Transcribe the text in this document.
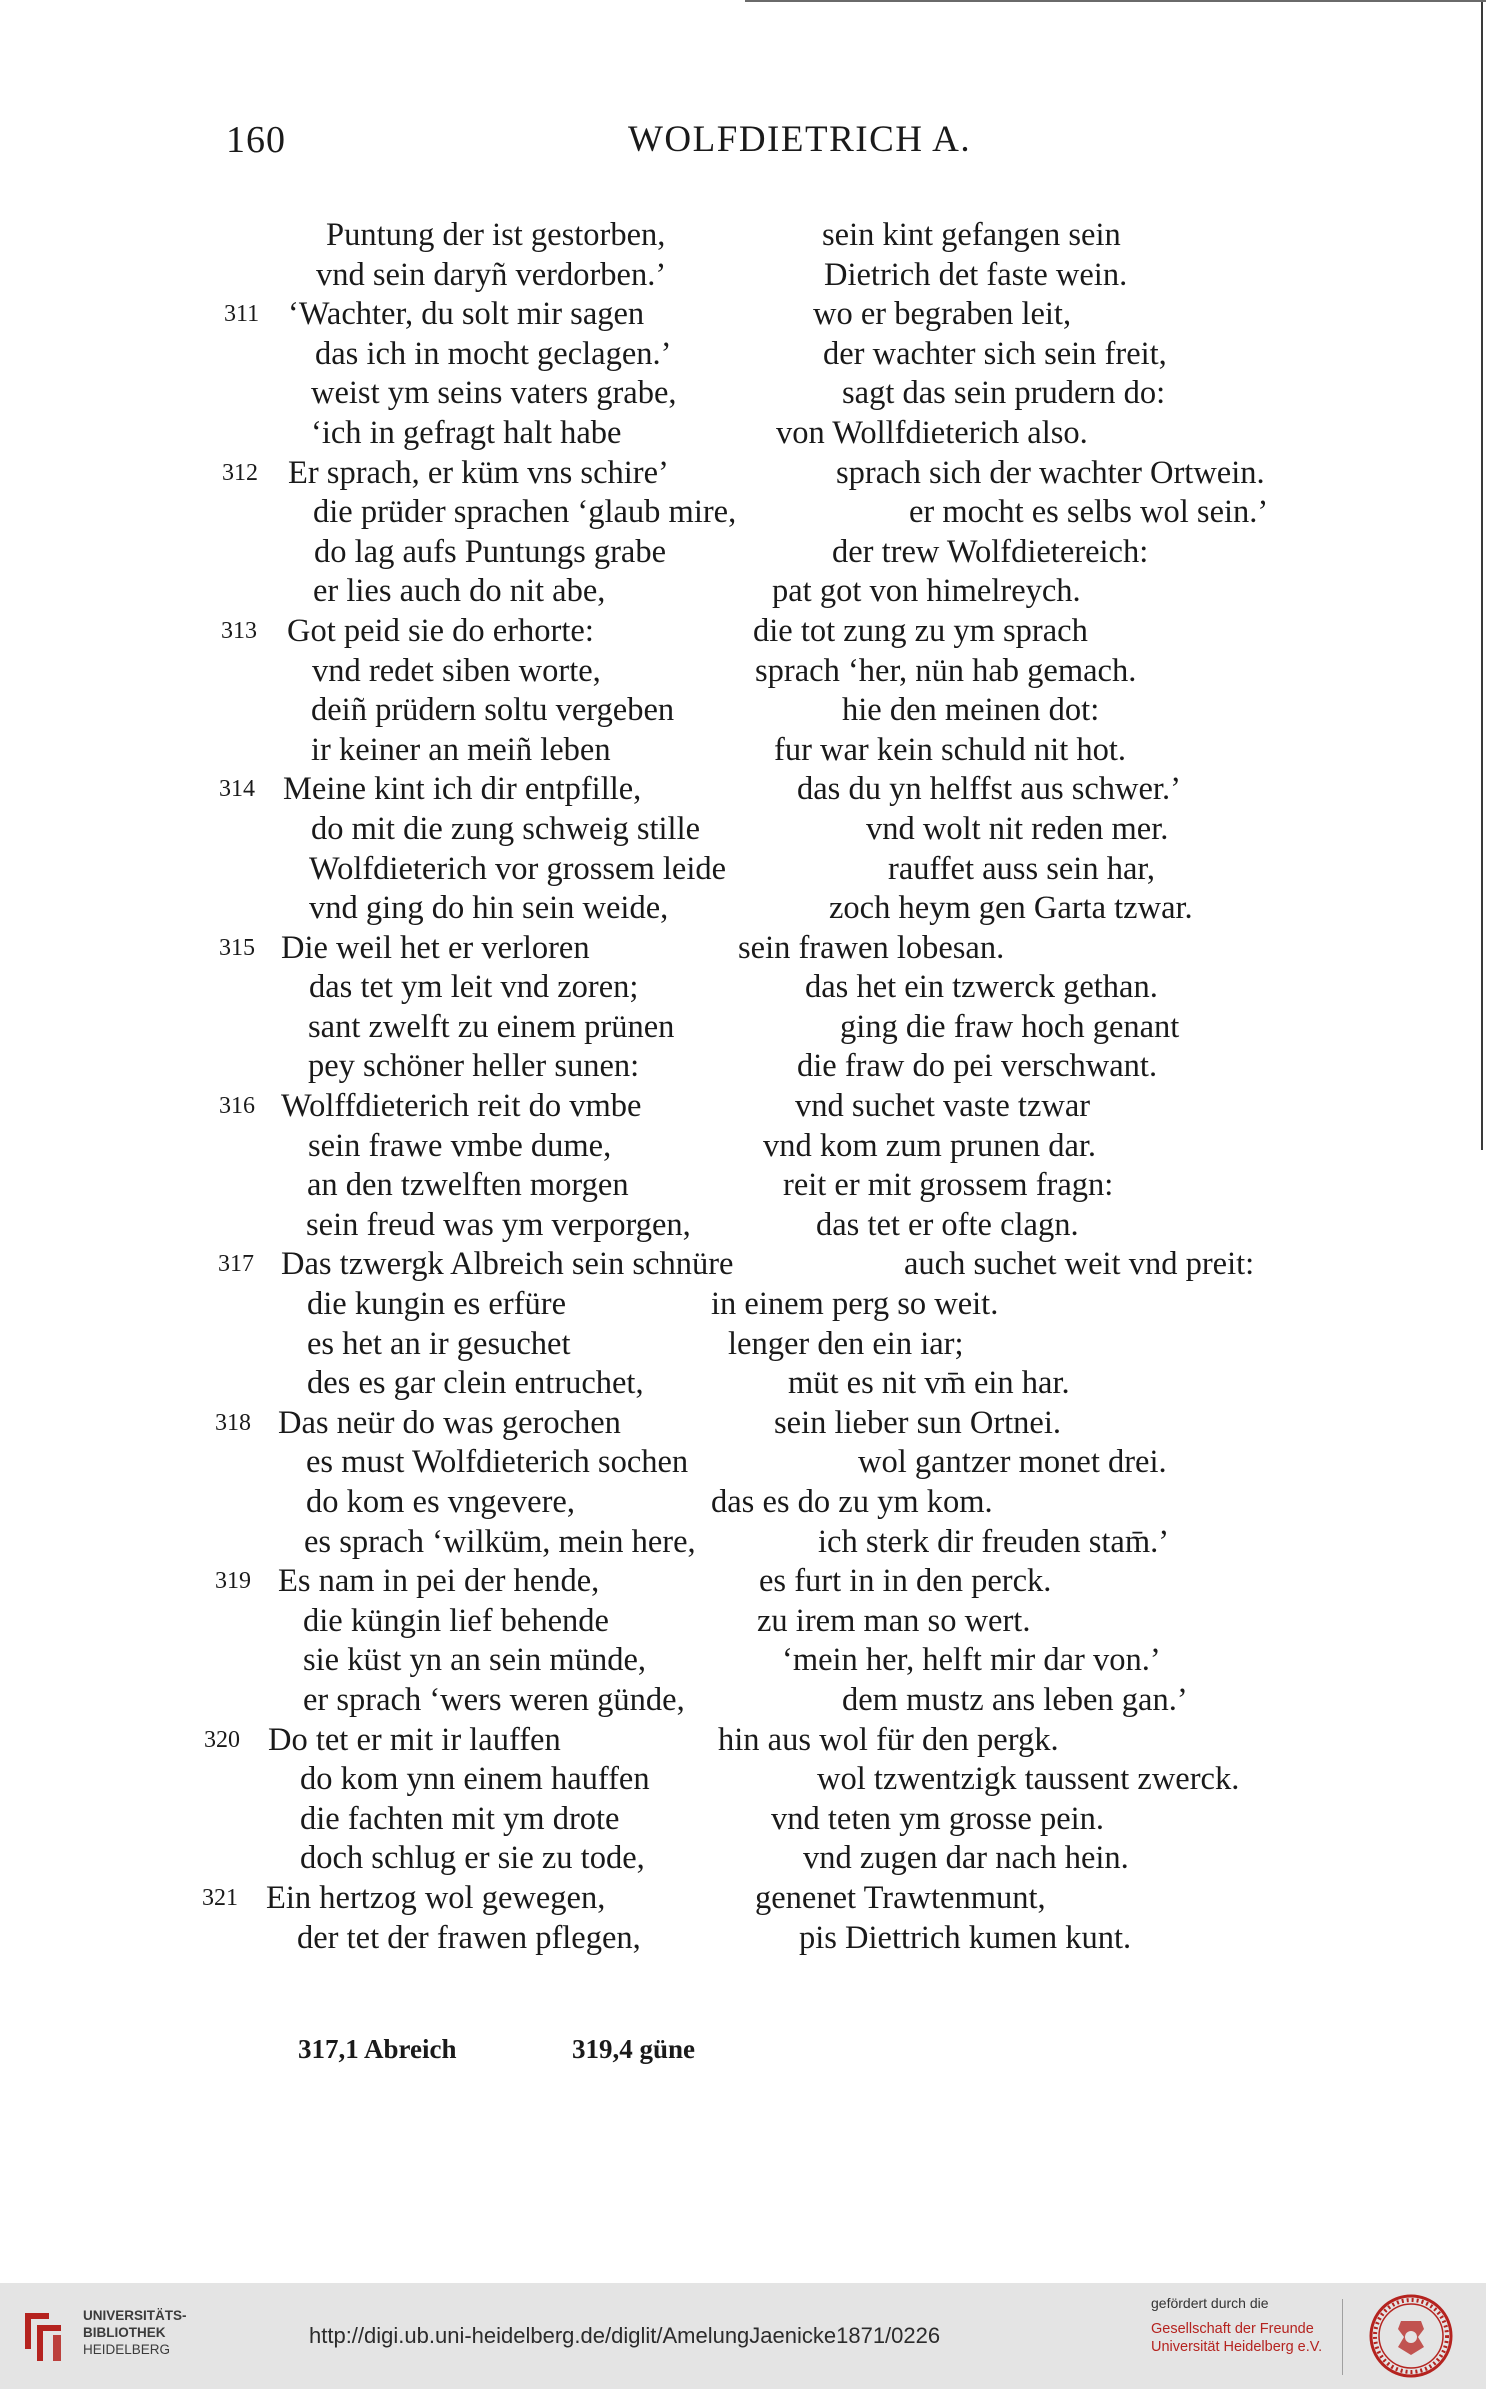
160	WOLFDIETRICH A.
Puntung der ist gestorben,	sein kint gefangen sein
vnd sein daryñ verdorben.’	Dietrich det faste wein.
311 ‘Wachter, du solt mir sagen	wo er begraben leit,
das ich in mocht geclagen.’	der wachter sich sein freit,
weist ym seins vaters grabe,	sagt das sein prudern do:
‘ich in gefragt halt habe	von Wollfdieterich also.
312 Er sprach, er küm vns schire’	sprach sich der wachter Ortwein.
die prüder sprachen ‘glaub mire,	er mocht es selbs wol sein.’
do lag aufs Puntungs grabe	der trew Wolfdietereich:
er lies auch do nit abe,	pat got von himelreych.
313 Got peid sie do erhorte:	die tot zung zu ym sprach
vnd redet siben worte,	sprach ‘her, nün hab gemach.
deiñ prüdern soltu vergeben	hie den meinen dot:
ir keiner an meiñ leben	fur war kein schuld nit hot.
314 Meine kint ich dir entpfille,	das du yn helffst aus schwer.’
do mit die zung schweig stille	vnd wolt nit reden mer.
Wolfdieterich vor grossem leide	rauffet auss sein har,
vnd ging do hin sein weide,	zoch heym gen Garta tzwar.
315 Die weil het er verloren	sein frawen lobesan.
das tet ym leit vnd zoren;	das het ein tzwerck gethan.
sant zwelft zu einem prünen	ging die fraw hoch genant
pey schöner heller sunen:	die fraw do pei verschwant.
316 Wolffdieterich reit do vmbe	vnd suchet vaste tzwar
sein frawe vmbe dume,	vnd kom zum prunen dar.
an den tzwelften morgen	reit er mit grossem fragn:
sein freud was ym verporgen,	das tet er ofte clagn.
317 Das tzwergk Albreich sein schnüre	auch suchet weit vnd preit:
die kungin es erfüre	in einem perg so weit.
es het an ir gesuchet	lenger den ein iar;
des es gar clein entruchet,	müt es nit vm̄ ein har.
318 Das neür do was gerochen	sein lieber sun Ortnei.
es must Wolfdieterich sochen	wol gantzer monet drei.
do kom es vngevere,	das es do zu ym kom.
es sprach ‘wilküm, mein here,	ich sterk dir freuden stam̄.’
319 Es nam in pei der hende,	es furt in in den perck.
die küngin lief behende	zu irem man so wert.
sie küst yn an sein münde,	‘mein her, helft mir dar von.’
er sprach ‘wers weren günde,	dem mustz ans leben gan.’
320 Do tet er mit ir lauffen	hin aus wol für den pergk.
do kom ynn einem hauffen	wol tzwentzigk taussent zwerck.
die fachten mit ym drote	vnd teten ym grosse pein.
doch schlug er sie zu tode,	vnd zugen dar nach hein.
321 Ein hertzog wol gewegen,	genenet Trawtenmunt,
der tet der frawen pflegen,	pis Diettrich kumen kunt.
317,1 Abreich	319,4 güne
UNIVERSITÄTS-
BIBLIOTHEK
HEIDELBERG
http://digi.ub.uni-heidelberg.de/diglit/AmelungJaenicke1871/0226
gefördert durch die
Gesellschaft der Freunde
Universität Heidelberg e.V.
